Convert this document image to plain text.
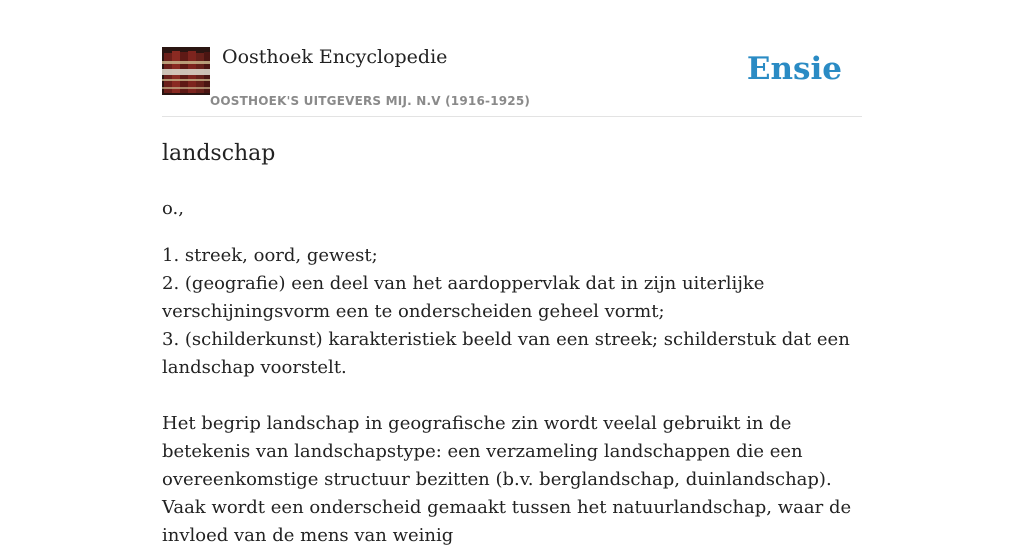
Oosthoek Encyclopedie
OOSTHOEK'S UITGEVERS MIJ. N.V (1916-1925)
Ensie
landschap

o.,

1. streek, oord, gewest;

2. (geografie) een deel van het aardoppervlak dat in zijn uiterlijke verschijningsvorm een te onderscheiden geheel vormt;

3. (schilderkunst) karakteristiek beeld van een streek; schilderstuk dat een landschap voorstelt.

Het begrip landschap in geografische zin wordt veelal gebruikt in de betekenis van landschapstype: een verzameling landschappen die een overeenkomstige structuur bezitten (b.v. berglandschap, duinlandschap). Vaak wordt een onderscheid gemaakt tussen het natuurlandschap, waar de invloed van de mens van weinig
